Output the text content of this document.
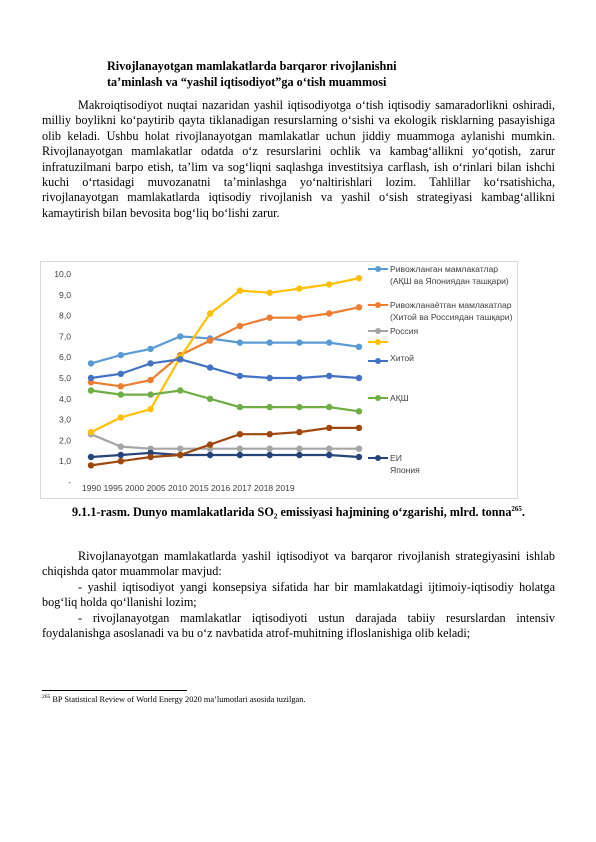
Rivojlanayotgan mamlakatlarda barqaror rivojlanishni
ta’minlash va “yashil iqtisodiyot”ga o‘tish muammosi

Makroiqtisodiyot nuqtai nazaridan yashil iqtisodiyotga o‘tish iqtisodiy samaradorlikni oshiradi, milliy boylikni ko‘paytirib qayta tiklanadigan resurslarning o‘sishi va ekologik risklarning pasayishiga olib keladi. Ushbu holat rivojlanayotgan mamlakatlar uchun jiddiy muammoga aylanishi mumkin. Rivojlanayotgan mamlakatlar odatda o‘z resurslarini ochlik va kambag‘allikni yo‘qotish, zarur infratuzilmani barpo etish, ta’lim va sog‘liqni saqlashga investitsiya carflash, ish o‘rinlari bilan ishchi kuchi o‘rtasidagi muvozanatni ta’minlashga yo‘naltirishlari lozim. Tahlillar ko‘rsatishicha, rivojlanayotgan mamlakatlarda iqtisodiy rivojlanish va yashil o‘sish strategiyasi kambag‘allikni kamaytirish bilan bevosita bog‘liq bo‘lishi zarur.

10,0
9,0
8,0
7,0
6,0
5,0
4,0
3,0
2,0
1,0
-
1990 1995 2000 2005 2010 2015 2016 2017 2018 2019
Ривожланган мамлакатлар (АҚШ ва Япониядан ташқари)
Ривожланаётган мамлакатлар (Хитой ва Россиядан ташқари)
Россия
Хитой
АҚШ
ЕИ
Япония
9.1.1-rasm. Dunyo mamlakatlarida SO₂ emissiyasi hajmining o‘zgarishi, mlrd. tonna$^{265}$.

Rivojlanayotgan mamlakatlarda yashil iqtisodiyot va barqaror rivojlanish strategiyasini ishlab chiqishda qator muammolar mavjud:

- yashil iqtisodiyot yangi konsepsiya sifatida har bir mamlakatdagi ijtimoiy-iqtisodiy holatga bog‘liq holda qo‘llanishi lozim;

- rivojlanayotgan mamlakatlar iqtisodiyoti ustun darajada tabiiy resurslardan intensiv foydalanishga asoslanadi va bu o‘z navbatida atrof-muhitning ifloslanishiga olib keladi;

$^{265}$ BP Statistical Review of World Energy 2020 ma’lumotlari asosida tuzilgan.
